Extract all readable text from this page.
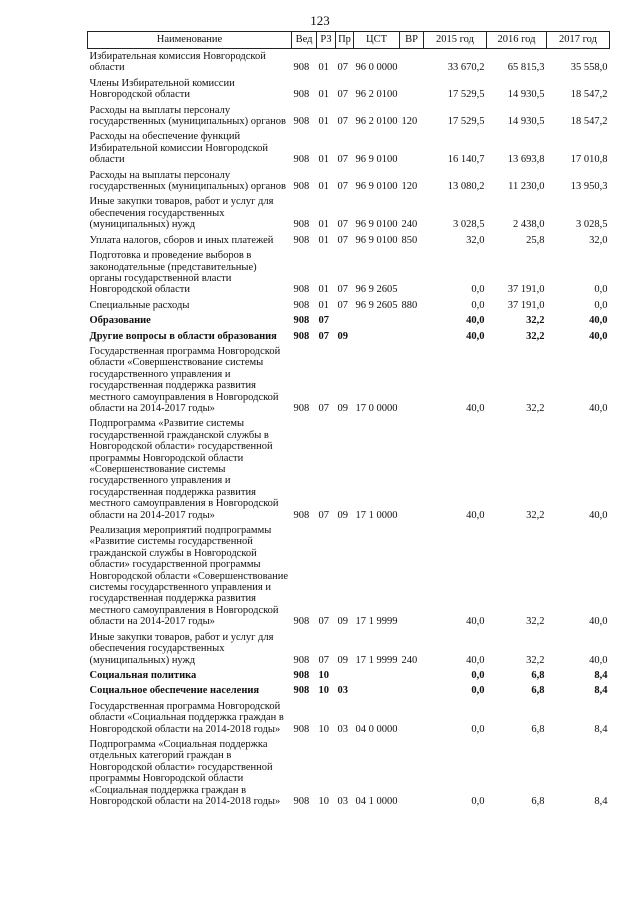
123
Наименование	Вед	РЗ	Пр	ЦСТ	ВР	2015 год	2016 год	2017 год
Избирательная комиссия Новгородской области	908	01	07	96 0 0000		33 670,2	65 815,3	35 558,0
Члены Избирательной комиссии Новгородской области	908	01	07	96 2 0100		17 529,5	14 930,5	18 547,2
Расходы на выплаты персоналу государственных (муниципальных) органов	908	01	07	96 2 0100	120	17 529,5	14 930,5	18 547,2
Расходы на обеспечение функций Избирательной комиссии Новгородской области	908	01	07	96 9 0100		16 140,7	13 693,8	17 010,8
Расходы на выплаты персоналу государственных (муниципальных) органов	908	01	07	96 9 0100	120	13 080,2	11 230,0	13 950,3
Иные закупки товаров, работ и услуг для обеспечения государственных (муниципальных) нужд	908	01	07	96 9 0100	240	3 028,5	2 438,0	3 028,5
Уплата налогов, сборов и иных платежей	908	01	07	96 9 0100	850	32,0	25,8	32,0
Подготовка и проведение выборов в законодательные (представительные) органы государственной власти Новгородской области	908	01	07	96 9 2605		0,0	37 191,0	0,0
Специальные расходы	908	01	07	96 9 2605	880	0,0	37 191,0	0,0
Образование	908	07				40,0	32,2	40,0
Другие вопросы в области образования	908	07	09			40,0	32,2	40,0
Государственная программа Новгородской области «Совершенствование системы государственного управления и государственная поддержка развития местного самоуправления в Новгородской области на 2014-2017 годы»	908	07	09	17 0 0000		40,0	32,2	40,0
Подпрограмма «Развитие системы государственной гражданской службы в Новгородской области» государственной программы Новгородской области «Совершенствование системы государственного управления и государственная поддержка развития местного самоуправления в Новгородской области на 2014-2017 годы»	908	07	09	17 1 0000		40,0	32,2	40,0
Реализация мероприятий подпрограммы «Развитие системы государственной гражданской службы в Новгородской области» государственной программы Новгородской области «Совершенствование системы государственного управления и государственная поддержка развития местного самоуправления в Новгородской области на 2014-2017 годы»	908	07	09	17 1 9999		40,0	32,2	40,0
Иные закупки товаров, работ и услуг для обеспечения государственных (муниципальных) нужд	908	07	09	17 1 9999	240	40,0	32,2	40,0
Социальная политика	908	10				0,0	6,8	8,4
Социальное обеспечение населения	908	10	03			0,0	6,8	8,4
Государственная программа Новгородской области «Социальная поддержка граждан в Новгородской области на 2014-2018 годы»	908	10	03	04 0 0000		0,0	6,8	8,4
Подпрограмма «Социальная поддержка отдельных категорий граждан в Новгородской области» государственной программы Новгородской области «Социальная поддержка граждан в Новгородской области на 2014-2018 годы»	908	10	03	04 1 0000		0,0	6,8	8,4
